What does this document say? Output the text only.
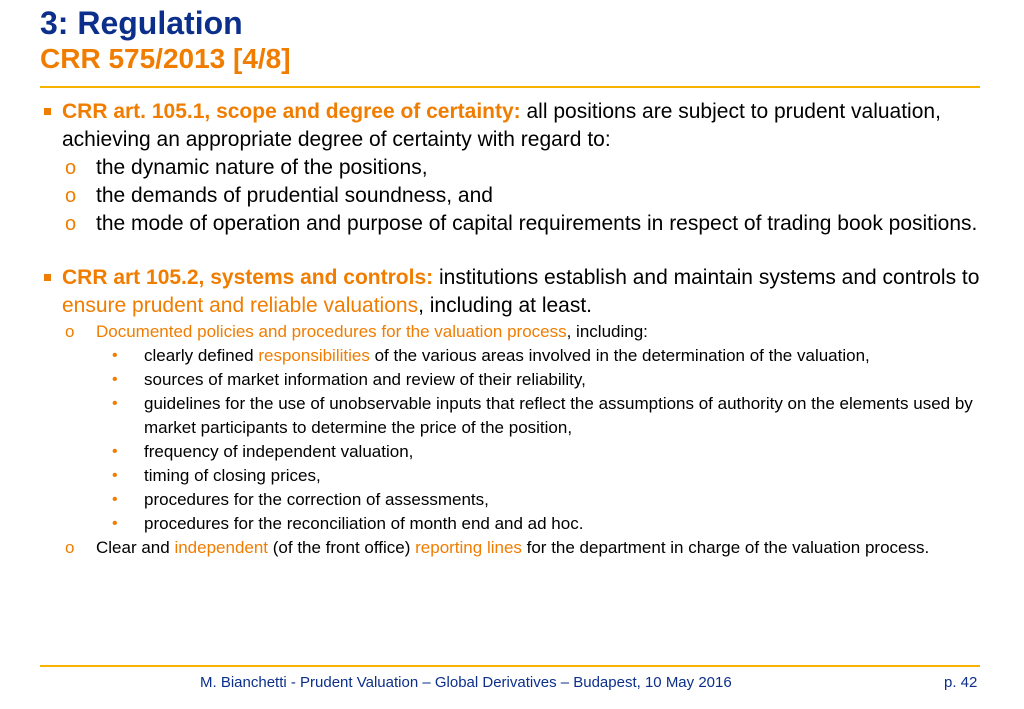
3: Regulation
CRR 575/2013 [4/8]
CRR art. 105.1, scope and degree of certainty: all positions are subject to prudent valuation, achieving an appropriate degree of certainty with regard to:
o the dynamic nature of the positions,
o the demands of prudential soundness, and
o the mode of operation and purpose of capital requirements in respect of trading book positions.
CRR art 105.2, systems and controls: institutions establish and maintain systems and controls to ensure prudent and reliable valuations, including at least.
o Documented policies and procedures for the valuation process, including:
• clearly defined responsibilities of the various areas involved in the determination of the valuation,
• sources of market information and review of their reliability,
• guidelines for the use of unobservable inputs that reflect the assumptions of authority on the elements used by market participants to determine the price of the position,
• frequency of independent valuation,
• timing of closing prices,
• procedures for the correction of assessments,
• procedures for the reconciliation of month end and ad hoc.
o Clear and independent (of the front office) reporting lines for the department in charge of the valuation process.
M. Bianchetti - Prudent Valuation – Global Derivatives – Budapest, 10 May 2016	p. 42
